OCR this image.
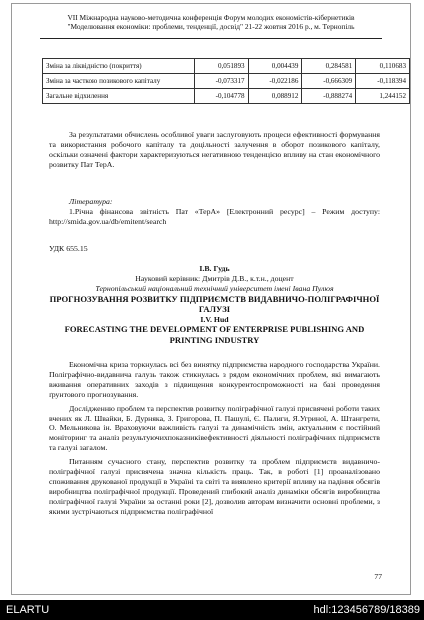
VII Міжнародна науково-методична конференція Форум молодих економістів-кібернетиків
"Моделювання економіки: проблеми, тенденції, досвід" 21-22 жовтня 2016 р., м. Тернопіль
Зміна за ліквідністю (покриття)	0,051893	0,004439	0,284581	0,110683
Зміна за часткою позикового капіталу	-0,073317	-0,022186	-0,666309	-0,118394
Загальне відхилення	-0,104778	0,088912	-0,888274	1,244152

За результатами обчислень особливої уваги заслуговують процеси ефективності формування та використання робочого капіталу та доцільності залучення в оборот позикового капіталу, оскільки означені фактори характеризуються негативною тенденцією впливу на стан економічного розвитку Пат ТерА.

Література:

1.Річна фінансова звітність Пат «ТерА» [Електронний ресурс] – Режим доступу: http://smida.gov.ua/db/emitent/search

УДК 655.15

І.В. Гудь

Науковий керівник: Дмитрів Д.В., к.т.н., доцент

Тернопільський національний технічний університет імені Івана Пулюя

ПРОГНОЗУВАННЯ РОЗВИТКУ ПІДПРИЄМСТВ ВИДАВНИЧО-ПОЛІГРАФІЧНОЇ ГАЛУЗІ

I.V. Hud

FORECASTING THE DEVELOPMENT OF ENTERPRISE PUBLISHING AND PRINTING INDUSTRY

Економічна криза торкнулась всі без винятку підприємства народного господарства України. Поліграфічно-видавнича галузь також стикнулась з рядом економічних проблем, які вимагають вживання оперативних заходів з підвищення конкурентоспроможності на базі проведення ґрунтового прогнозування.

Дослідженню проблем та перспектив розвитку поліграфічної галузі присвячені роботи таких вчених як Л. Швайки, Б. Дурняка, З. Григорова, П. Пашулі, Є. Палиги, Я.Угриної, А. Штангрети, О. Мельникова ін. Враховуючи важливість галузі та динамічність змін, актуальним є постійний моніторинг та аналіз результуючихпоказниківефективності діяльності поліграфічних підприємств та галузі загалом.

Питанням сучасного стану, перспектив розвитку та проблем підприємств видавничо-поліграфічної галузі присвячена значна кількість праць. Так, в роботі [1] проаналізовано споживання друкованої продукції в Україні та світі та виявлено критерії впливу на падіння обсягів виробництва поліграфічної продукції. Проведений глибокий аналіз динаміки обсягів виробництва поліграфічної галузі України за останні роки [2], дозволив авторам визначити основні проблеми, з якими зустрічаються підприємства поліграфічної

77
ELARTU	hdl:123456789/18389
